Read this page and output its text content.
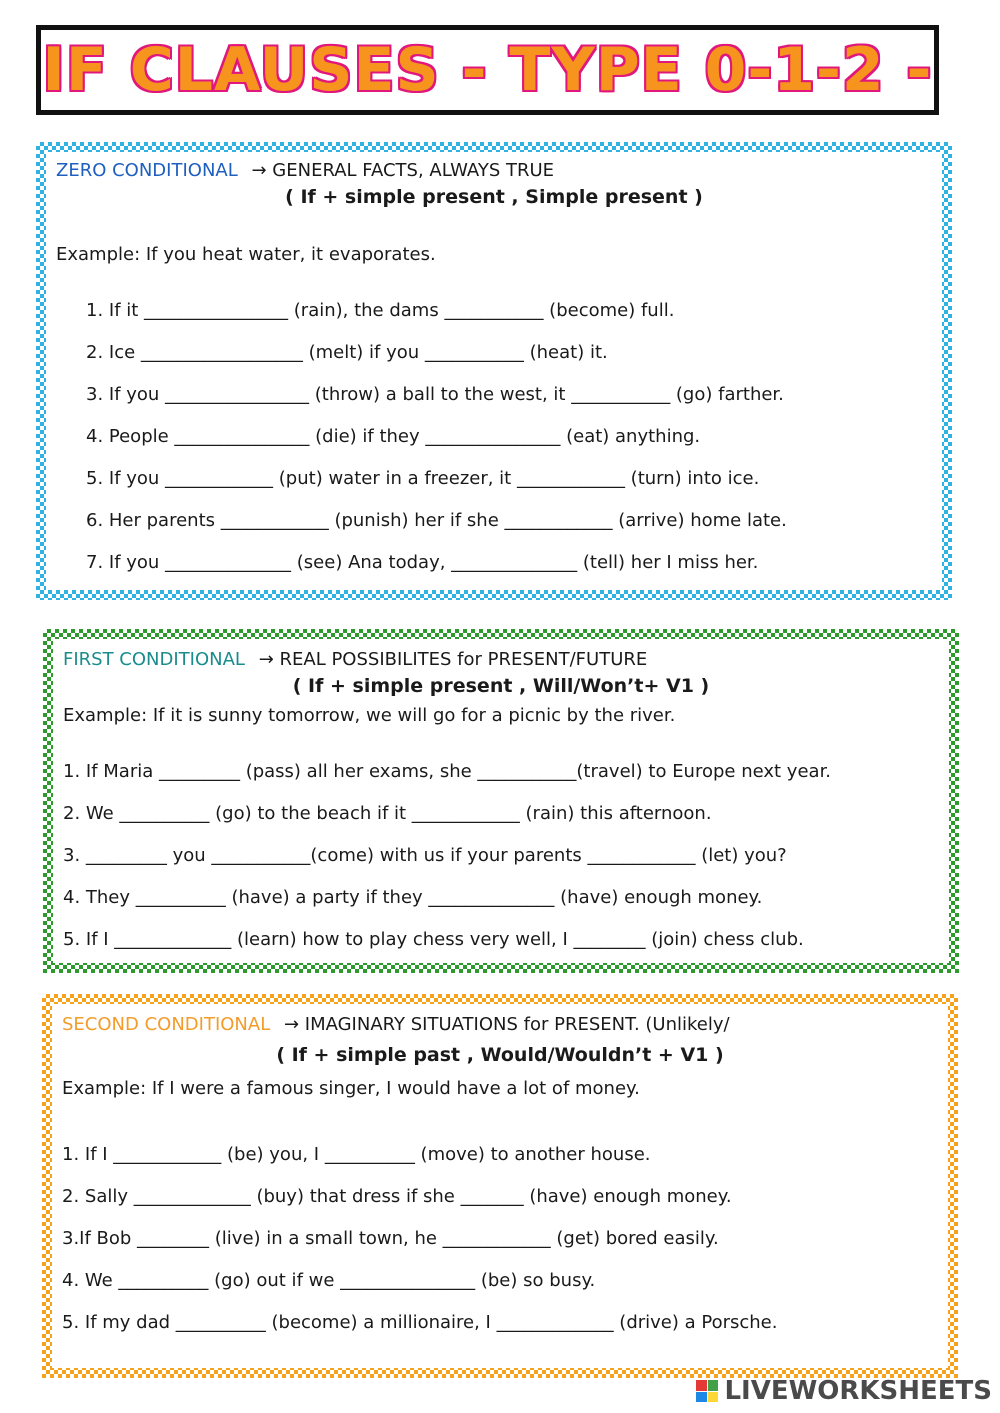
IF CLAUSES - TYPE 0-1-2 -
ZERO CONDITIONAL → GENERAL FACTS, ALWAYS TRUE
( If + simple present , Simple present )
Example: If you heat water, it evaporates.
1. If it ________________ (rain), the dams ___________ (become) full.
2. Ice __________________ (melt) if you ___________ (heat) it.
3. If you ________________ (throw) a ball to the west, it ___________ (go) farther.
4. People _______________ (die) if they _______________ (eat) anything.
5. If you ____________ (put) water in a freezer, it ____________ (turn) into ice.
6. Her parents ____________ (punish) her if she ____________ (arrive) home late.
7. If you ______________ (see) Ana today, ______________ (tell) her I miss her.
FIRST CONDITIONAL → REAL POSSIBILITES for PRESENT/FUTURE
( If + simple present , Will/Won’t+ V1 )
Example: If it is sunny tomorrow, we will go for a picnic by the river.
1. If Maria _________ (pass) all her exams, she ___________(travel) to Europe next year.
2. We __________ (go) to the beach if it ____________ (rain) this afternoon.
3. _________ you ___________(come) with us if your parents ____________ (let) you?
4. They __________ (have) a party if they ______________ (have) enough money.
5. If I _____________ (learn) how to play chess very well, I ________ (join) chess club.
SECOND CONDITIONAL → IMAGINARY SITUATIONS for PRESENT. (Unlikely/
( If + simple past , Would/Wouldn’t + V1 )
Example: If I were a famous singer, I would have a lot of money.
1. If I ____________ (be) you, I __________ (move) to another house.
2. Sally _____________ (buy) that dress if she _______ (have) enough money.
3.If Bob ________ (live) in a small town, he ____________ (get) bored easily.
4. We __________ (go) out if we _______________ (be) so busy.
5. If my dad __________ (become) a millionaire, I _____________ (drive) a Porsche.
LIVEWORKSHEETS
